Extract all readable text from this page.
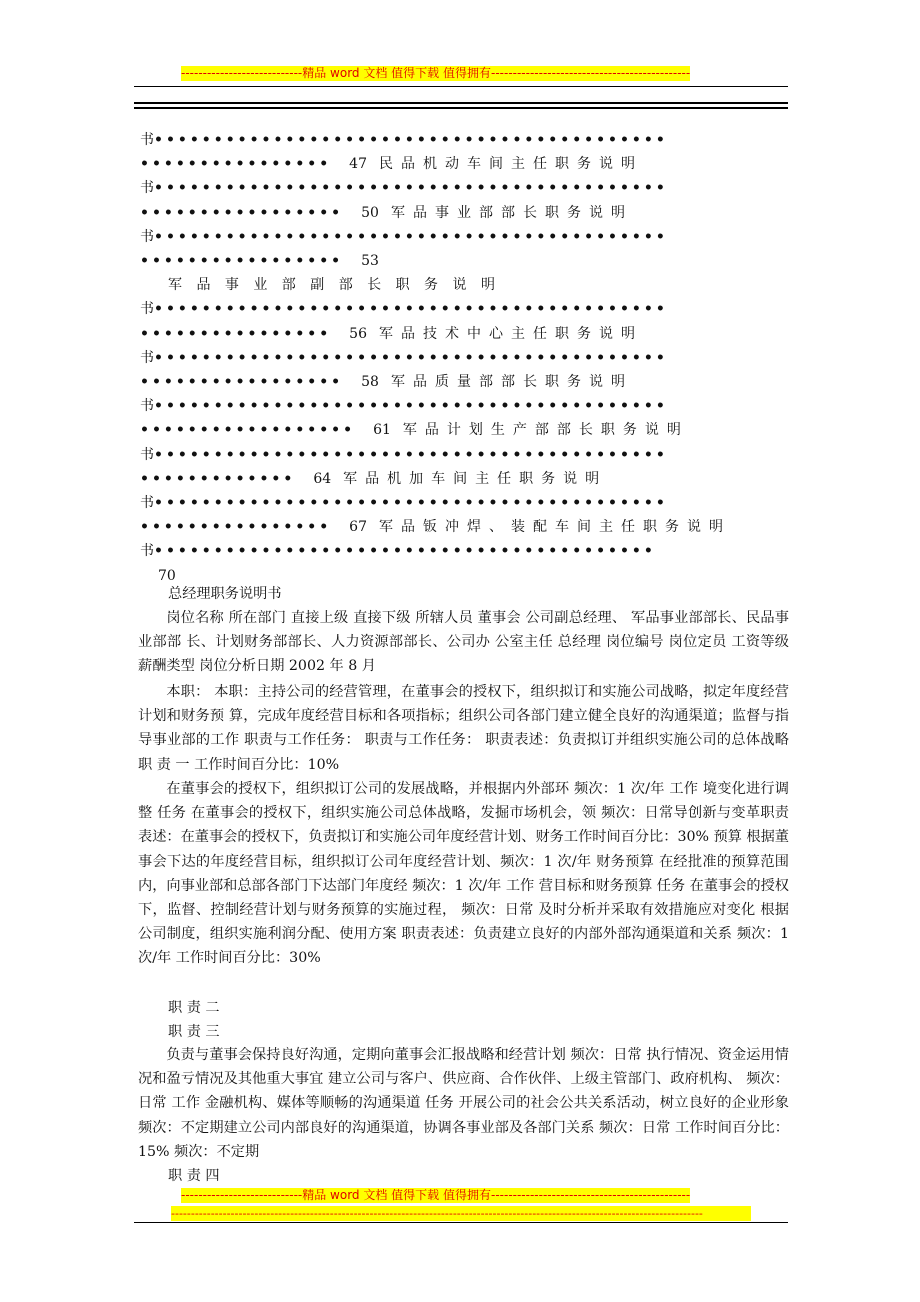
----------------------------精品 word 文档 值得下载 值得拥有----------------------------------------------
书•••••••••••••••••••••••••••••••••••••••••••
•••••••••••••••• 47 民品机动车间主任职务说明
书•••••••••••••••••••••••••••••••••••••••••••
••••••••••••••••• 50 军品事业部部长职务说明
书•••••••••••••••••••••••••••••••••••••••••••
••••••••••••••••• 53
军 品 事 业 部 副 部 长 职 务 说 明
书•••••••••••••••••••••••••••••••••••••••••••
•••••••••••••••• 56 军品技术中心主任职务说明
书•••••••••••••••••••••••••••••••••••••••••••
••••••••••••••••• 58 军品质量部部长职务说明
书•••••••••••••••••••••••••••••••••••••••••••
•••••••••••••••••• 61 军品计划生产部部长职务说明
书•••••••••••••••••••••••••••••••••••••••••••
••••••••••••• 64 军品机加车间主任职务说明
书•••••••••••••••••••••••••••••••••••••••••••
•••••••••••••••• 67 军品钣冲焊、装配车间主任职务说明
书••••••••••••••••••••••••••••••••••••••••••
70
总经理职务说明书
岗位名称 所在部门 直接上级 直接下级 所辖人员 董事会 公司副总经理、 军品事业部部长、民品事业部部 长、计划财务部部长、人力资源部部长、公司办 公室主任 总经理 岗位编号 岗位定员 工资等级 薪酬类型 岗位分析日期 2002 年 8 月
本职： 本职：主持公司的经营管理，在董事会的授权下，组织拟订和实施公司战略，拟定年度经营计划和财务预 算，完成年度经营目标和各项指标；组织公司各部门建立健全良好的沟通渠道；监督与指导事业部的工作 职责与工作任务： 职责与工作任务： 职责表述：负责拟订并组织实施公司的总体战略 职 责 一 工作时间百分比：10%
在董事会的授权下，组织拟订公司的发展战略，并根据内外部环 频次：1 次/年 工作 境变化进行调整 任务 在董事会的授权下，组织实施公司总体战略，发掘市场机会，领 频次：日常导创新与变革职责表述：在董事会的授权下，负责拟订和实施公司年度经营计划、财务工作时间百分比：30% 预算 根据董事会下达的年度经营目标，组织拟订公司年度经营计划、频次：1 次/年 财务预算 在经批准的预算范围内，向事业部和总部各部门下达部门年度经 频次：1 次/年 工作 营目标和财务预算 任务 在董事会的授权下，监督、控制经营计划与财务预算的实施过程， 频次：日常 及时分析并采取有效措施应对变化 根据公司制度，组织实施利润分配、使用方案 职责表述：负责建立良好的内部外部沟通渠道和关系 频次：1 次/年 工作时间百分比：30%
职 责 二
职 责 三
负责与董事会保持良好沟通，定期向董事会汇报战略和经营计划 频次：日常 执行情况、资金运用情况和盈亏情况及其他重大事宜 建立公司与客户、供应商、合作伙伴、上级主管部门、政府机构、 频次：日常 工作 金融机构、媒体等顺畅的沟通渠道 任务 开展公司的社会公共关系活动，树立良好的企业形象频次：不定期建立公司内部良好的沟通渠道，协调各事业部及各部门关系 频次：日常 工作时间百分比：15% 频次：不定期
职 责 四
----------------------------精品 word 文档 值得下载 值得拥有----------------------------------------------
--------------------------------------------------------------------------------------------------------------------------------------
